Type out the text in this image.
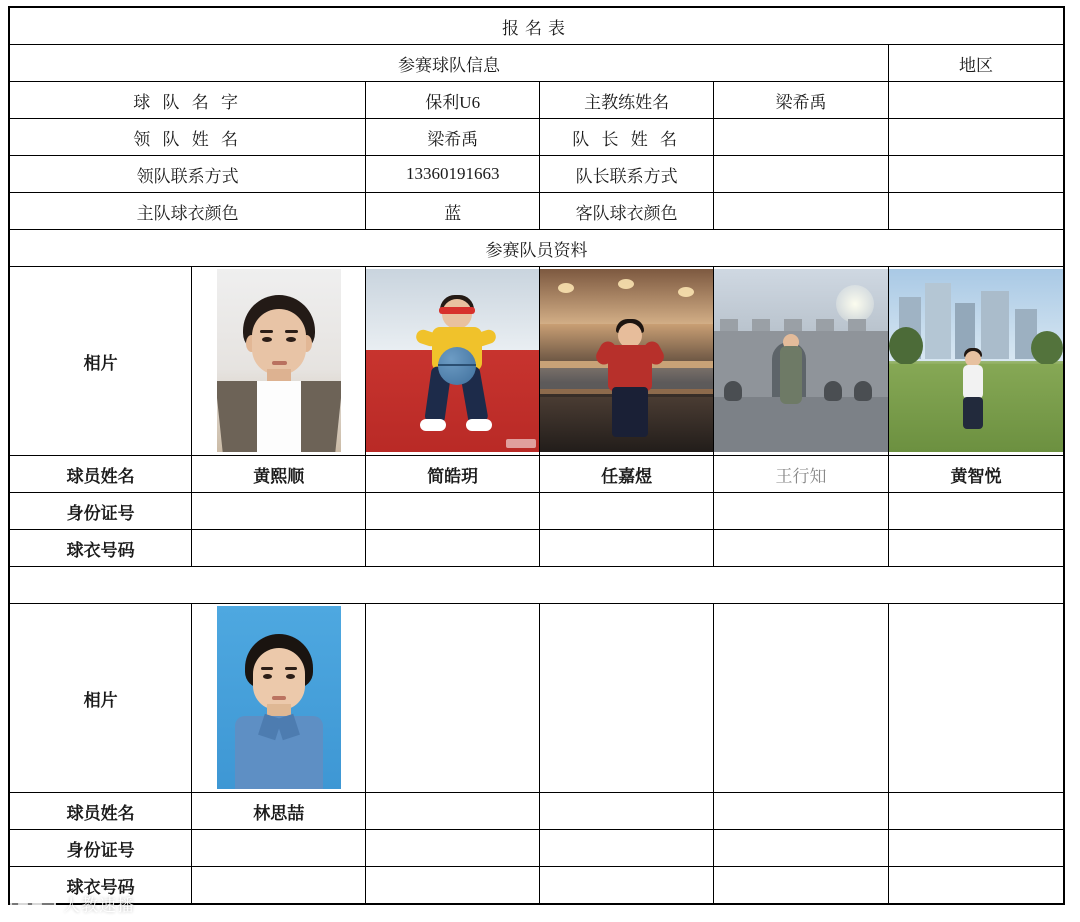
报名表					
参赛球队信息					地区
球 队 名 字		保利U6	主教练姓名	梁希禹	
领 队 姓 名		梁希禹	队 长 姓 名		
领队联系方式		13360191663	队长联系方式		
主队球衣颜色		蓝	客队球衣颜色		
参赛队员资料					
相片	

球员姓名	黄熙顺	简皓玥	任嘉煜	王行知	黄智悦
身份证号					
球衣号码					

相片	

球员姓名	林思喆				
身份证号					
球衣号码					
人教速播
